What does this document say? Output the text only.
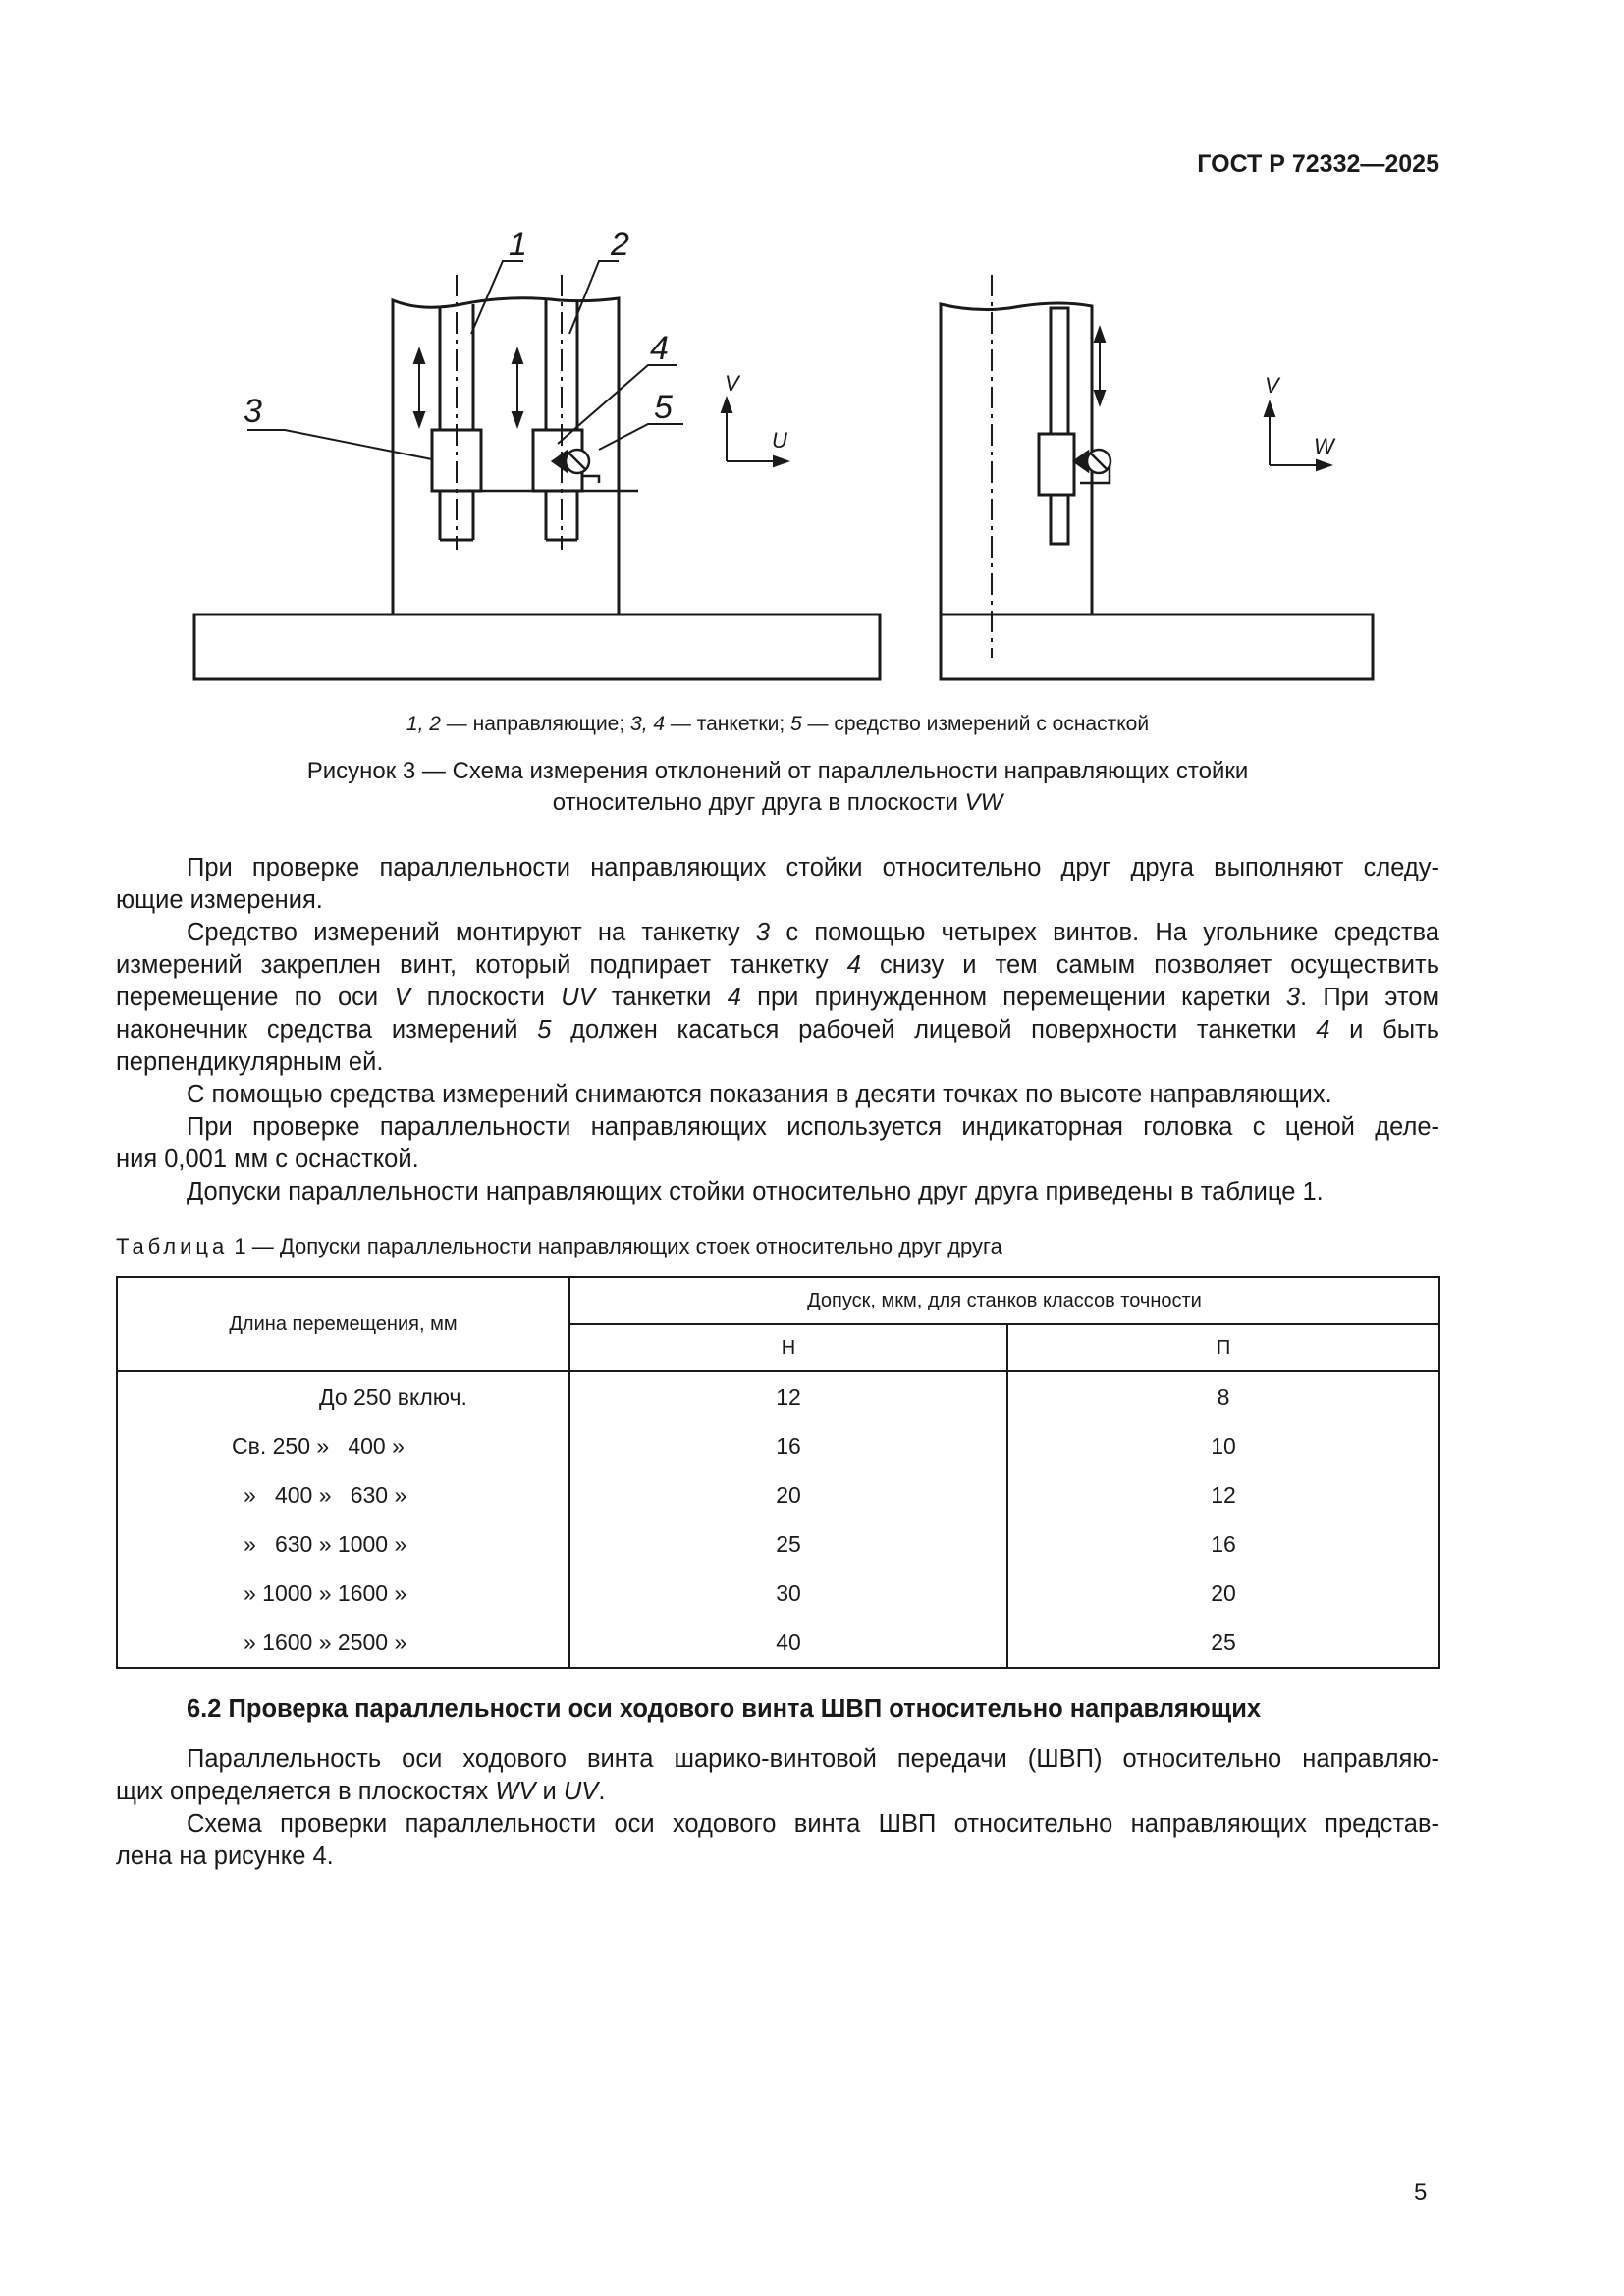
ГОСТ Р 72332—2025
1	2
3
4
5
V
U
V
W
1, 2 — направляющие; 3, 4 — танкетки; 5 — средство измерений с оснасткой
Рисунок 3 — Схема измерения отклонений от параллельности направляющих стойки
относительно друг друга в плоскости VW

При проверке параллельности направляющих стойки относительно друг друга выполняют следу-

ющие измерения.

Средство измерений монтируют на танкетку 3 с помощью четырех винтов. На угольнике средства

измерений закреплен винт, который подпирает танкетку 4 снизу и тем самым позволяет осуществить

перемещение по оси V плоскости UV танкетки 4 при принужденном перемещении каретки 3. При этом

наконечник средства измерений 5 должен касаться рабочей лицевой поверхности танкетки 4 и быть

перпендикулярным ей.

С помощью средства измерений снимаются показания в десяти точках по высоте направляющих.

При проверке параллельности направляющих используется индикаторная головка с ценой деле-

ния 0,001 мм с оснасткой.

Допуски параллельности направляющих стойки относительно друг друга приведены в таблице 1.

Таблица 1 — Допуски параллельности направляющих стоек относительно друг друга
Длина перемещения, мм	Допуск, мкм, для станков классов точности	
	Н	П
До 250 включ.	12	8
Св. 250 »   400 »	16	10
»   400 »   630 »	20	12
»   630 » 1000 »	25	16
» 1000 » 1600 »	30	20
» 1600 » 2500 »	40	25
6.2 Проверка параллельности оси ходового винта ШВП относительно направляющих

Параллельность оси ходового винта шарико-винтовой передачи (ШВП) относительно направляю-

щих определяется в плоскостях WV и UV.

Схема проверки параллельности оси ходового винта ШВП относительно направляющих представ-

лена на рисунке 4.

5
